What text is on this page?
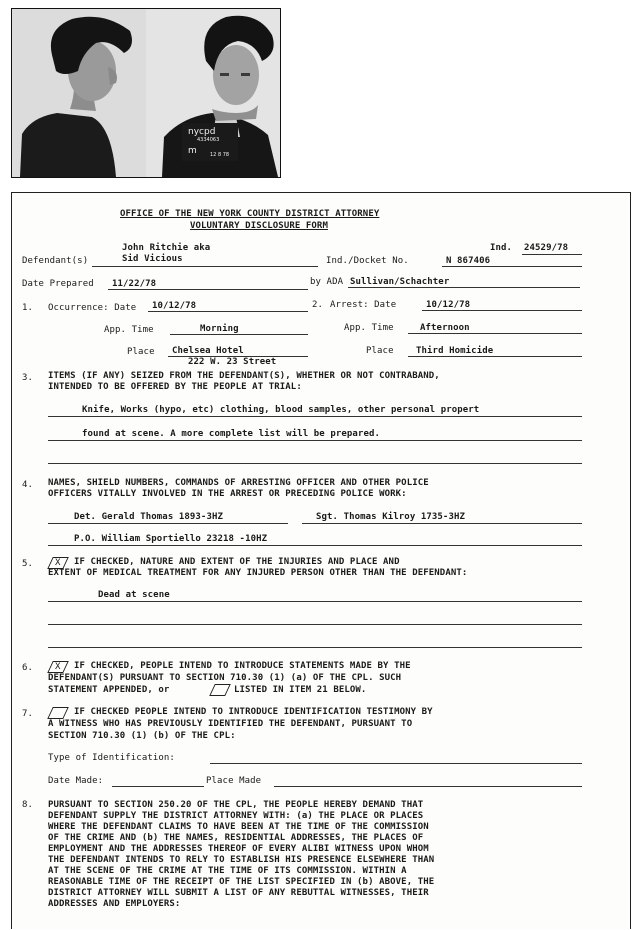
nycpd
4334063
m	12 8 78
OFFICE OF THE NEW YORK COUNTY DISTRICT ATTORNEY
VOLUNTARY DISCLOSURE FORM
John Ritchie aka	Ind. 24529/78
Defendant(s)	Sid Vicious	Ind./Docket No.	N 867406
Date Prepared 11/22/78	by ADA Sullivan/Schachter
1. Occurrence: Date 10/12/78	2. Arrest: Date	10/12/78
App. Time	Morning	App. Time	Afternoon
Place Chelsea Hotel
222 W. 23 Street
Place Third Homicide
3. ITEMS (IF ANY) SEIZED FROM THE DEFENDANT(S), WHETHER OR NOT CONTRABAND,
INTENDED TO BE OFFERED BY THE PEOPLE AT TRIAL:
Knife, Works (hypo, etc) clothing, blood samples, other personal propert
found at scene. A more complete list will be prepared.
4. NAMES, SHIELD NUMBERS, COMMANDS OF ARRESTING OFFICER AND OTHER POLICE
OFFICERS VITALLY INVOLVED IN THE ARREST OR PRECEDING POLICE WORK:
Det. Gerald Thomas 1893-3HZ	Sgt. Thomas Kilroy 1735-3HZ
P.O. William Sportiello 23218 -10HZ
5.	X	IF CHECKED, NATURE AND EXTENT OF THE INJURIES AND PLACE AND
EXTENT OF MEDICAL TREATMENT FOR ANY INJURED PERSON OTHER THAN THE DEFENDANT:
Dead at scene
6.	X	IF CHECKED, PEOPLE INTEND TO INTRODUCE STATEMENTS MADE BY THE
DEFENDANT(S) PURSUANT TO SECTION 710.30 (1) (a) OF THE CPL. SUCH
STATEMENT APPENDED, or	LISTED IN ITEM 21 BELOW.
7.	IF CHECKED PEOPLE INTEND TO INTRODUCE IDENTIFICATION TESTIMONY BY
A WITNESS WHO HAS PREVIOUSLY IDENTIFIED THE DEFENDANT, PURSUANT TO
SECTION 710.30 (1) (b) OF THE CPL:
Type of Identification:
Date Made:	Place Made
8. PURSUANT TO SECTION 250.20 OF THE CPL, THE PEOPLE HEREBY DEMAND THAT
DEFENDANT SUPPLY THE DISTRICT ATTORNEY WITH: (a) THE PLACE OR PLACES
WHERE THE DEFENDANT CLAIMS TO HAVE BEEN AT THE TIME OF THE COMMISSION
OF THE CRIME AND (b) THE NAMES, RESIDENTIAL ADDRESSES, THE PLACES OF
EMPLOYMENT AND THE ADDRESSES THEREOF OF EVERY ALIBI WITNESS UPON WHOM
THE DEFENDANT INTENDS TO RELY TO ESTABLISH HIS PRESENCE ELSEWHERE THAN
AT THE SCENE OF THE CRIME AT THE TIME OF ITS COMMISSION. WITHIN A
REASONABLE TIME OF THE RECEIPT OF THE LIST SPECIFIED IN (b) ABOVE, THE
DISTRICT ATTORNEY WILL SUBMIT A LIST OF ANY REBUTTAL WITNESSES, THEIR
ADDRESSES AND EMPLOYERS:
